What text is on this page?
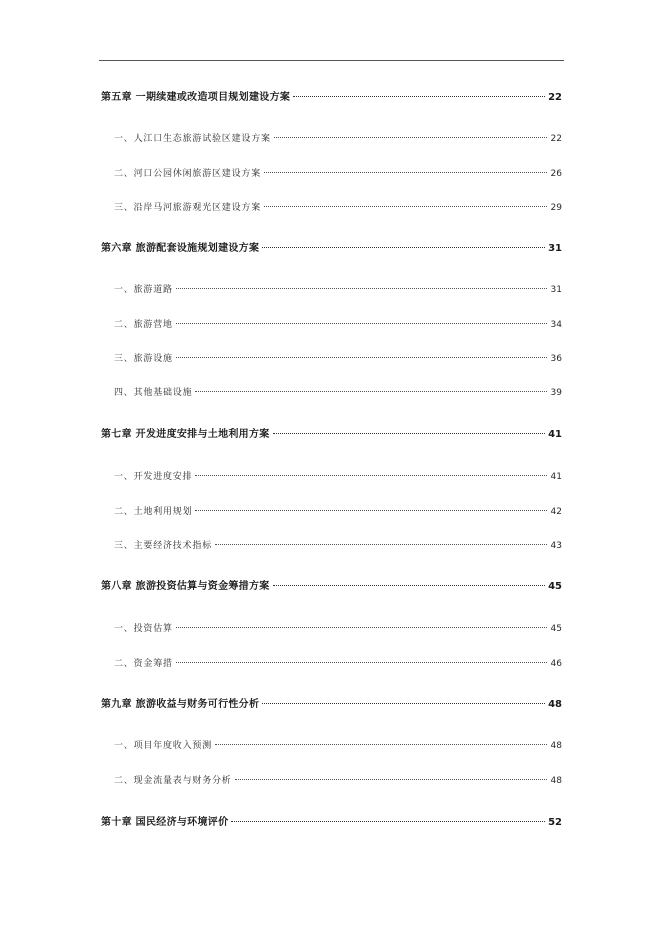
第五章 一期续建或改造项目规划建设方案	22
一、人江口生态旅游试验区建设方案	22
二、河口公园休闲旅游区建设方案	26
三、沿岸马河旅游观光区建设方案	29
第六章 旅游配套设施规划建设方案	31
一、旅游道路	31
二、旅游营地	34
三、旅游设施	36
四、其他基础设施	39
第七章 开发进度安排与土地利用方案	41
一、开发进度安排	41
二、土地利用规划	42
三、主要经济技术指标	43
第八章 旅游投资估算与资金筹措方案	45
一、投资估算	45
二、资金筹措	46
第九章 旅游收益与财务可行性分析	48
一、项目年度收入预测	48
二、现金流量表与财务分析	48
第十章 国民经济与环境评价	52
